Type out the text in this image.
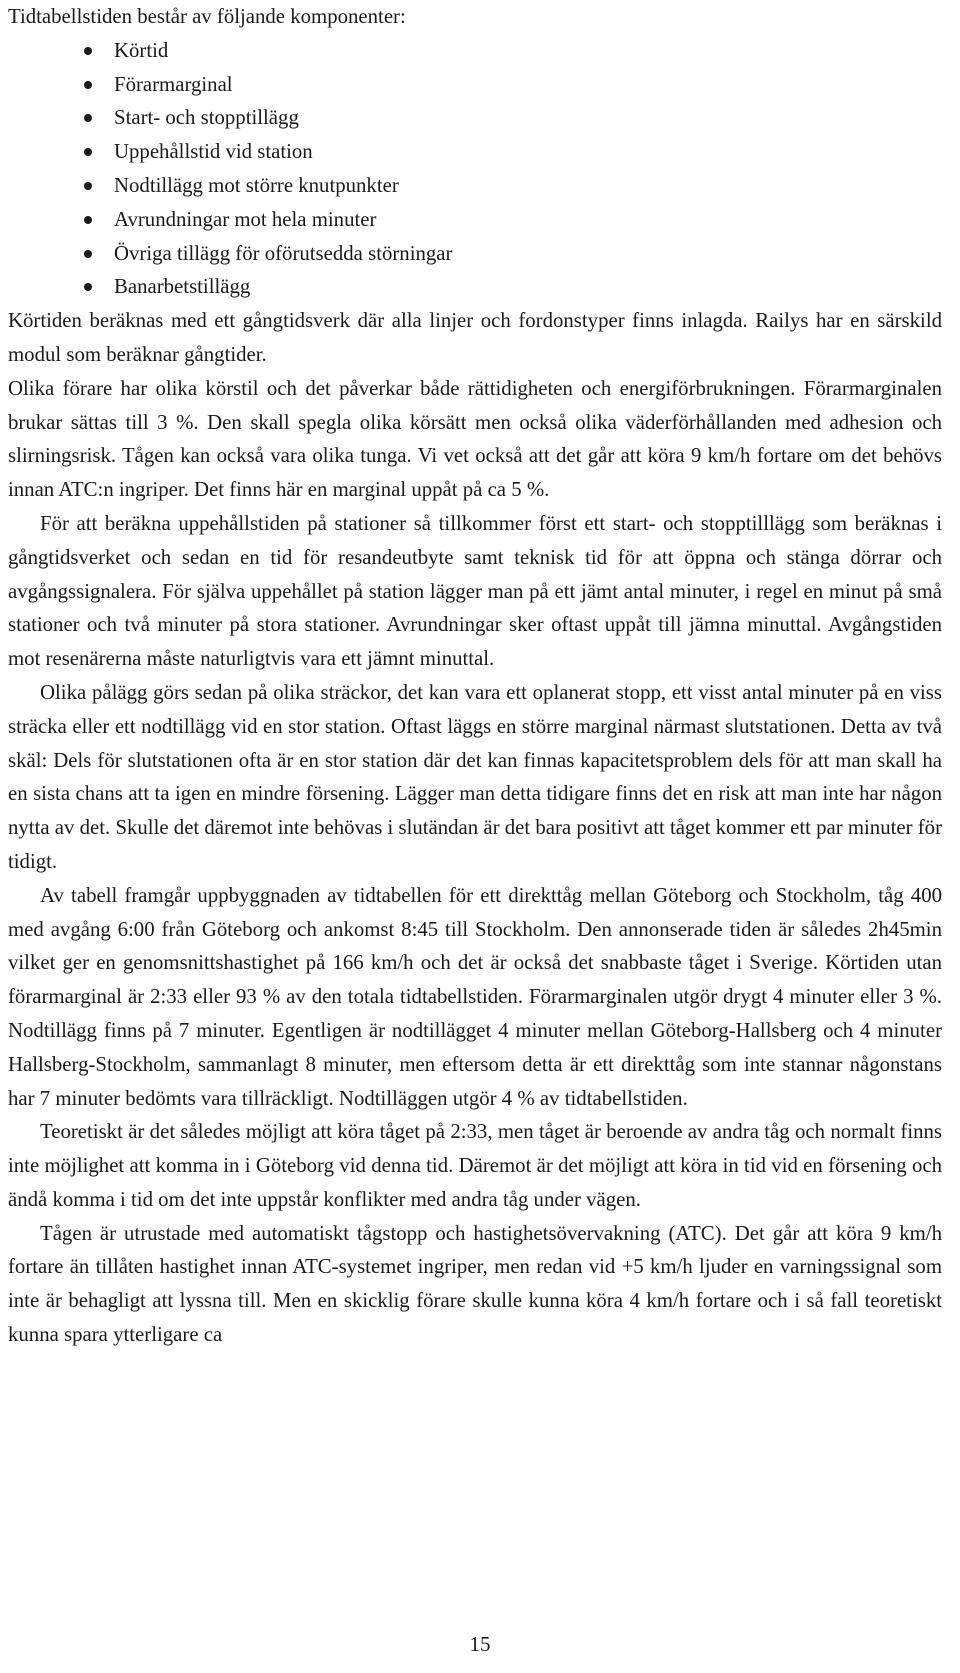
Tidtabellstiden består av följande komponenter:

Körtid
Förarmarginal
Start- och stopptillägg
Uppehållstid vid station
Nodtillägg mot större knutpunkter
Avrundningar mot hela minuter
Övriga tillägg för oförutsedda störningar
Banarbetstillägg

Körtiden beräknas med ett gångtidsverk där alla linjer och fordonstyper finns inlagda. Railys har en särskild modul som beräknar gångtider.

Olika förare har olika körstil och det påverkar både rättidigheten och energiförbrukningen. Förarmarginalen brukar sättas till 3 %. Den skall spegla olika körsätt men också olika väderförhållanden med adhesion och slirningsrisk. Tågen kan också vara olika tunga. Vi vet också att det går att köra 9 km/h fortare om det behövs innan ATC:n ingriper. Det finns här en marginal uppåt på ca 5 %.

För att beräkna uppehållstiden på stationer så tillkommer först ett start- och stopptilllägg som beräknas i gångtidsverket och sedan en tid för resandeutbyte samt teknisk tid för att öppna och stänga dörrar och avgångssignalera. För själva uppehållet på station lägger man på ett jämt antal minuter, i regel en minut på små stationer och två minuter på stora stationer. Avrundningar sker oftast uppåt till jämna minuttal. Avgångstiden mot resenärerna måste naturligtvis vara ett jämnt minuttal.

Olika pålägg görs sedan på olika sträckor, det kan vara ett oplanerat stopp, ett visst antal minuter på en viss sträcka eller ett nodtillägg vid en stor station. Oftast läggs en större marginal närmast slutstationen. Detta av två skäl: Dels för slutstationen ofta är en stor station där det kan finnas kapacitetsproblem dels för att man skall ha en sista chans att ta igen en mindre försening. Lägger man detta tidigare finns det en risk att man inte har någon nytta av det. Skulle det däremot inte behövas i slutändan är det bara positivt att tåget kommer ett par minuter för tidigt.

Av tabell framgår uppbyggnaden av tidtabellen för ett direkttåg mellan Göteborg och Stockholm, tåg 400 med avgång 6:00 från Göteborg och ankomst 8:45 till Stockholm. Den annonserade tiden är således 2h45min vilket ger en genomsnittshastighet på 166 km/h och det är också det snabbaste tåget i Sverige. Körtiden utan förarmarginal är 2:33 eller 93 % av den totala tidtabellstiden. Förarmarginalen utgör drygt 4 minuter eller 3 %. Nodtillägg finns på 7 minuter. Egentligen är nodtillägget 4 minuter mellan Göteborg-Hallsberg och 4 minuter Hallsberg-Stockholm, sammanlagt 8 minuter, men eftersom detta är ett direkttåg som inte stannar någonstans har 7 minuter bedömts vara tillräckligt. Nodtilläggen utgör 4 % av tidtabellstiden.

Teoretiskt är det således möjligt att köra tåget på 2:33, men tåget är beroende av andra tåg och normalt finns inte möjlighet att komma in i Göteborg vid denna tid. Däremot är det möjligt att köra in tid vid en försening och ändå komma i tid om det inte uppstår konflikter med andra tåg under vägen.

Tågen är utrustade med automatiskt tågstopp och hastighetsövervakning (ATC). Det går att köra 9 km/h fortare än tillåten hastighet innan ATC-systemet ingriper, men redan vid +5 km/h ljuder en varningssignal som inte är behagligt att lyssna till. Men en skicklig förare skulle kunna köra 4 km/h fortare och i så fall teoretiskt kunna spara ytterligare ca

15
